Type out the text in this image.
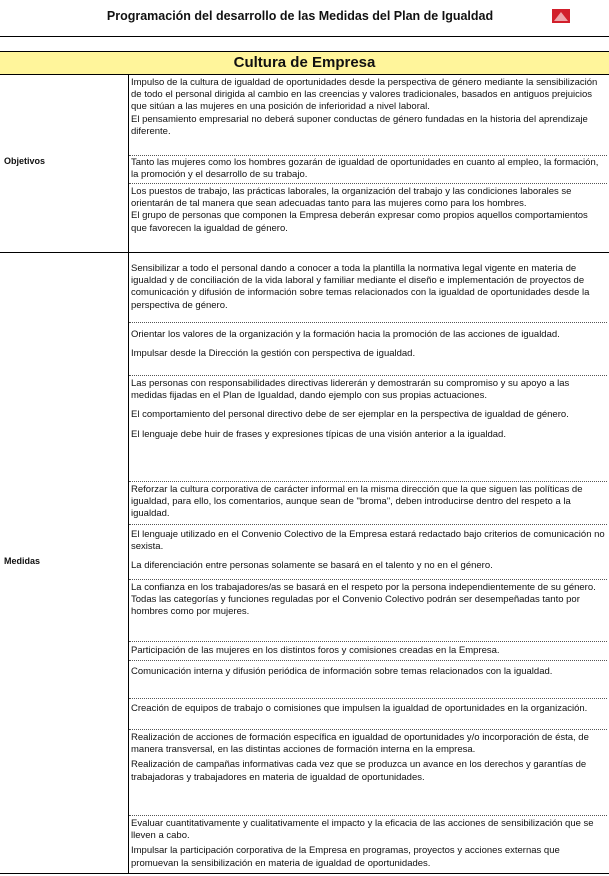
Programación del desarrollo de las Medidas del Plan de Igualdad
Cultura de Empresa
Objetivos

Impulso de la cultura de igualdad de oportunidades desde la perspectiva de género mediante la sensibilización de todo el personal dirigida al cambio en las creencias y valores tradicionales, basados en antiguos prejuicios que sitúan a las mujeres en una posición de inferioridad a nivel laboral.

El pensamiento empresarial no deberá suponer conductas de género fundadas en la historia del aprendizaje diferente.

Tanto las mujeres como los hombres gozarán de igualdad de oportunidades en cuanto al empleo, la formación, la promoción y el desarrollo de su trabajo.

Los puestos de trabajo, las prácticas laborales, la organización del trabajo y las condiciones laborales se orientarán de tal manera que sean adecuadas tanto para las mujeres como para los hombres.

El grupo de personas que componen la Empresa deberán expresar como propios aquellos comportamientos que favorecen la igualdad de género.

Medidas

Sensibilizar a todo el personal dando a conocer a toda la plantilla la normativa legal vigente en materia de igualdad y de conciliación de la vida laboral y familiar mediante el diseño e implementación de proyectos de comunicación y difusión de información sobre temas relacionados con la igualdad de oportunidades desde la perspectiva de género.

Orientar los valores de la organización y la formación hacia la promoción de las acciones de igualdad.

Impulsar desde la Dirección la gestión con perspectiva de igualdad.

Las personas con responsabilidades directivas lidererán y demostrarán su compromiso y su apoyo a las medidas fijadas en el Plan de Igualdad, dando ejemplo con sus propias actuaciones.

El comportamiento del personal directivo debe de ser ejemplar en la perspectiva de igualdad de género.

El lenguaje debe huir de frases y expresiones típicas de una visión anterior a la igualdad.

Reforzar la cultura corporativa de carácter informal en la misma dirección que la que siguen las políticas de igualdad, para ello, los comentarios, aunque sean de "broma", deben introducirse dentro del respeto a la igualdad.

El lenguaje utilizado en el Convenio Colectivo de la Empresa estará redactado bajo criterios de comunicación no sexista.

La diferenciación entre personas solamente se basará en el talento y no en el género.

La confianza en los trabajadores/as se basará en el respeto por la persona independientemente de su género.

Todas las categorías y funciones reguladas por el Convenio Colectivo podrán ser desempeñadas tanto por hombres como por mujeres.

Participación de las mujeres en los distintos foros y comisiones creadas en la Empresa.

Comunicación interna y difusión periódica de información sobre temas relacionados con la igualdad.

Creación de equipos de trabajo o comisiones que impulsen la igualdad de oportunidades en la organización.

Realización de acciones de formación específica en igualdad de oportunidades y/o incorporación de ésta, de manera transversal, en las distintas acciones de formación interna en la empresa.

Realización de campañas informativas cada vez que se produzca un avance en los derechos y garantías de trabajadoras y trabajadores en materia de igualdad de oportunidades.

Evaluar cuantitativamente y cualitativamente el impacto y la eficacia de las acciones de sensibilización que se lleven a cabo.

Impulsar la participación corporativa de la Empresa en programas, proyectos y acciones externas que promuevan la sensibilización en materia de igualdad de oportunidades.
